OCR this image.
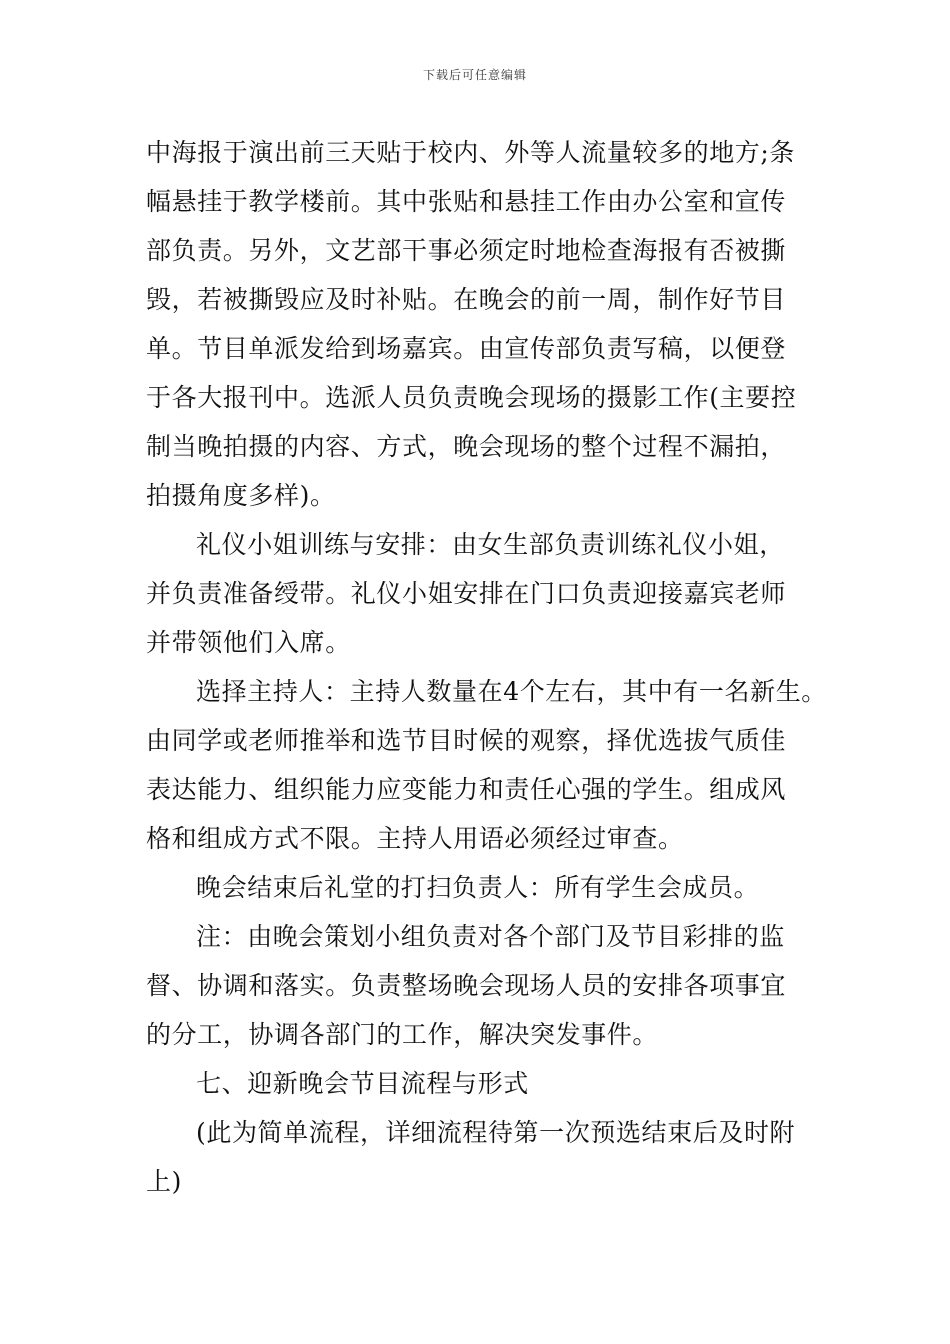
下载后可任意编辑
中海报于演出前三天贴于校内、外等人流量较多的地方;条
幅悬挂于教学楼前。其中张贴和悬挂工作由办公室和宣传
部负责。另外，文艺部干事必须定时地检查海报有否被撕
毁，若被撕毁应及时补贴。在晚会的前一周，制作好节目
单。节目单派发给到场嘉宾。由宣传部负责写稿，以便登
于各大报刊中。选派人员负责晚会现场的摄影工作(主要控
制当晚拍摄的内容、方式，晚会现场的整个过程不漏拍，
拍摄角度多样)。
礼仪小姐训练与安排：由女生部负责训练礼仪小姐，
并负责准备绶带。礼仪小姐安排在门口负责迎接嘉宾老师
并带领他们入席。
选择主持人：主持人数量在4个左右，其中有一名新生。
由同学或老师推举和选节目时候的观察，择优选拔气质佳
表达能力、组织能力应变能力和责任心强的学生。组成风
格和组成方式不限。主持人用语必须经过审查。
晚会结束后礼堂的打扫负责人：所有学生会成员。
注：由晚会策划小组负责对各个部门及节目彩排的监
督、协调和落实。负责整场晚会现场人员的安排各项事宜
的分工，协调各部门的工作，解决突发事件。
七、迎新晚会节目流程与形式
(此为简单流程，详细流程待第一次预选结束后及时附
上)
